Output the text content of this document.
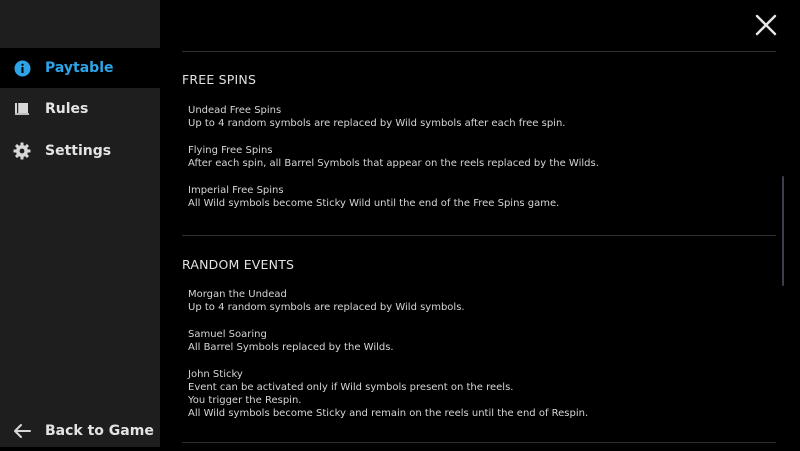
Paytable
Rules
Settings
Back to Game
FREE SPINS
Undead Free Spins
Up to 4 random symbols are replaced by Wild symbols after each free spin.
Flying Free Spins
After each spin, all Barrel Symbols that appear on the reels replaced by the Wilds.
Imperial Free Spins
All Wild symbols become Sticky Wild until the end of the Free Spins game.
RANDOM EVENTS
Morgan the Undead
Up to 4 random symbols are replaced by Wild symbols.
Samuel Soaring
All Barrel Symbols replaced by the Wilds.
John Sticky
Event can be activated only if Wild symbols present on the reels.
You trigger the Respin.
All Wild symbols become Sticky and remain on the reels until the end of Respin.
